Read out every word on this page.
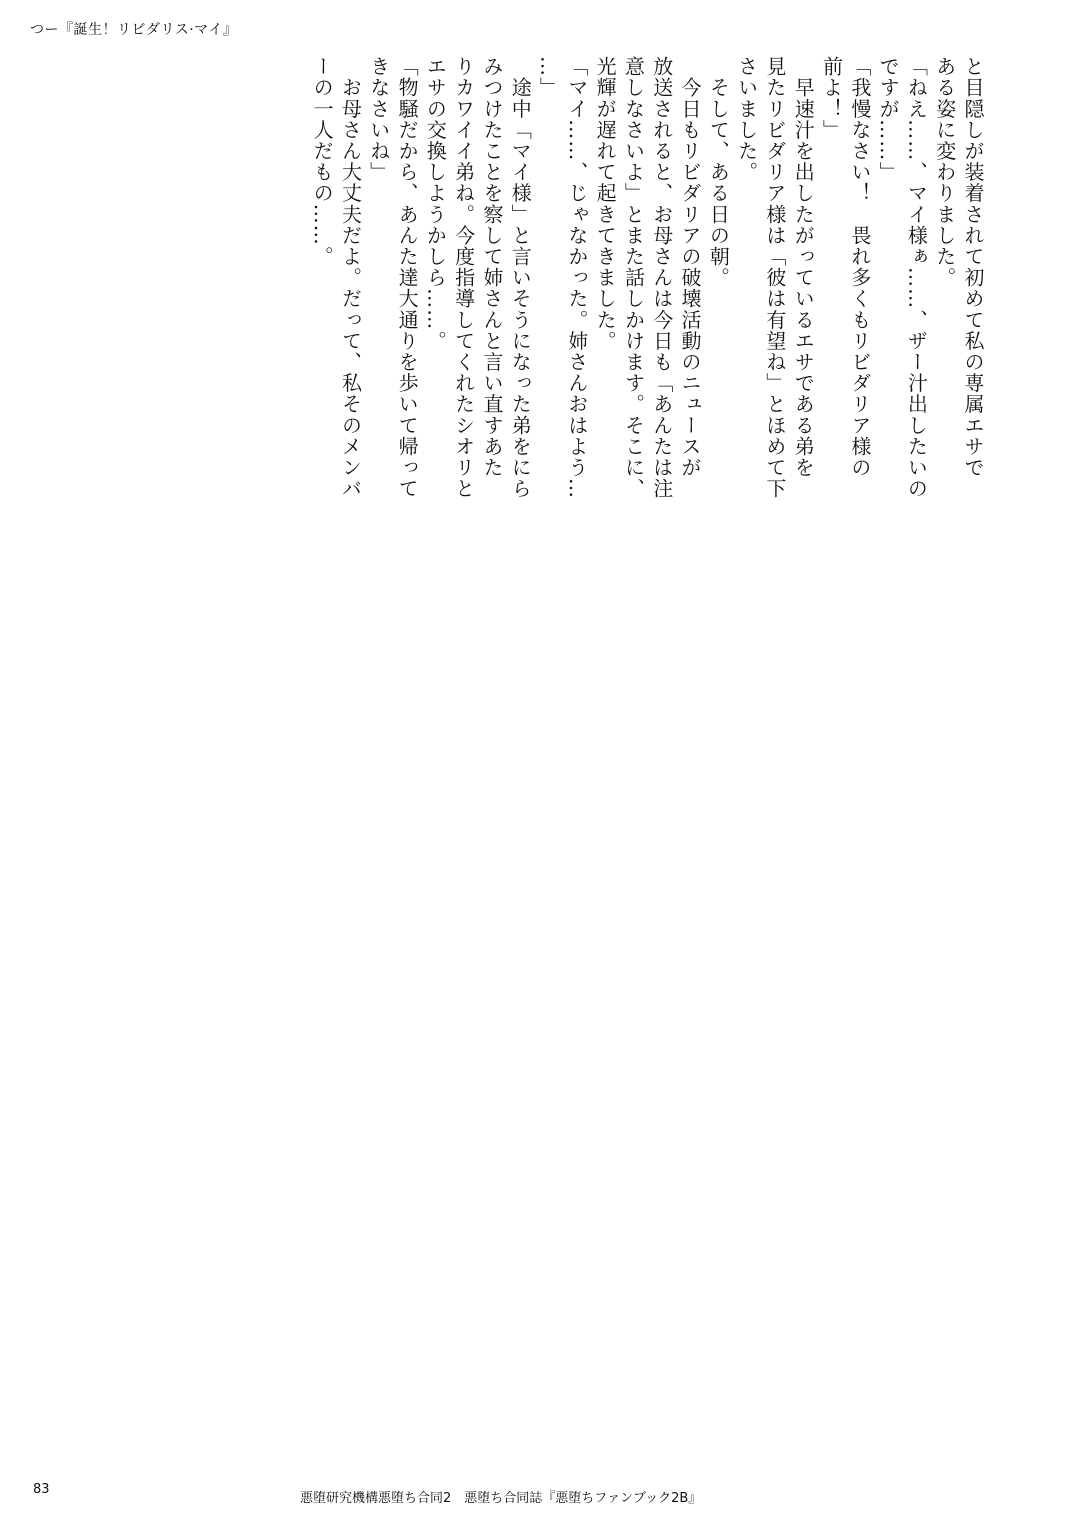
つー『誕生！リビダリス·マイ』
と目隠しが装着されて初めて私の専属エサで
ある姿に変わりました。
「ねえ……、マイ様ぁ……、ザー汁出したいの
ですが……」
「我慢なさい！　畏れ多くもリビダリア様の
前よ！」
　早速汁を出したがっているエサである弟を
見たリビダリア様は「彼は有望ね」とほめて下
さいました。
　そして、ある日の朝。
　今日もリビダリアの破壊活動のニュースが
放送されると、お母さんは今日も「あんたは注
意しなさいよ」とまた話しかけます。そこに、
光輝が遅れて起きてきました。
「マイ……、じゃなかった。姉さんおはよう…
…」
　途中「マイ様」と言いそうになった弟をにら
みつけたことを察して姉さんと言い直すあた
りカワイイ弟ね。今度指導してくれたシオリと
エサの交換しようかしら……。
「物騒だから、あんた達大通りを歩いて帰って
きなさいね」
　お母さん大丈夫だよ。だって、私そのメンバ
ーの一人だもの……。
83
悪堕研究機構悪堕ち合同2　悪堕ち合同誌『悪堕ちファンブック2B』
